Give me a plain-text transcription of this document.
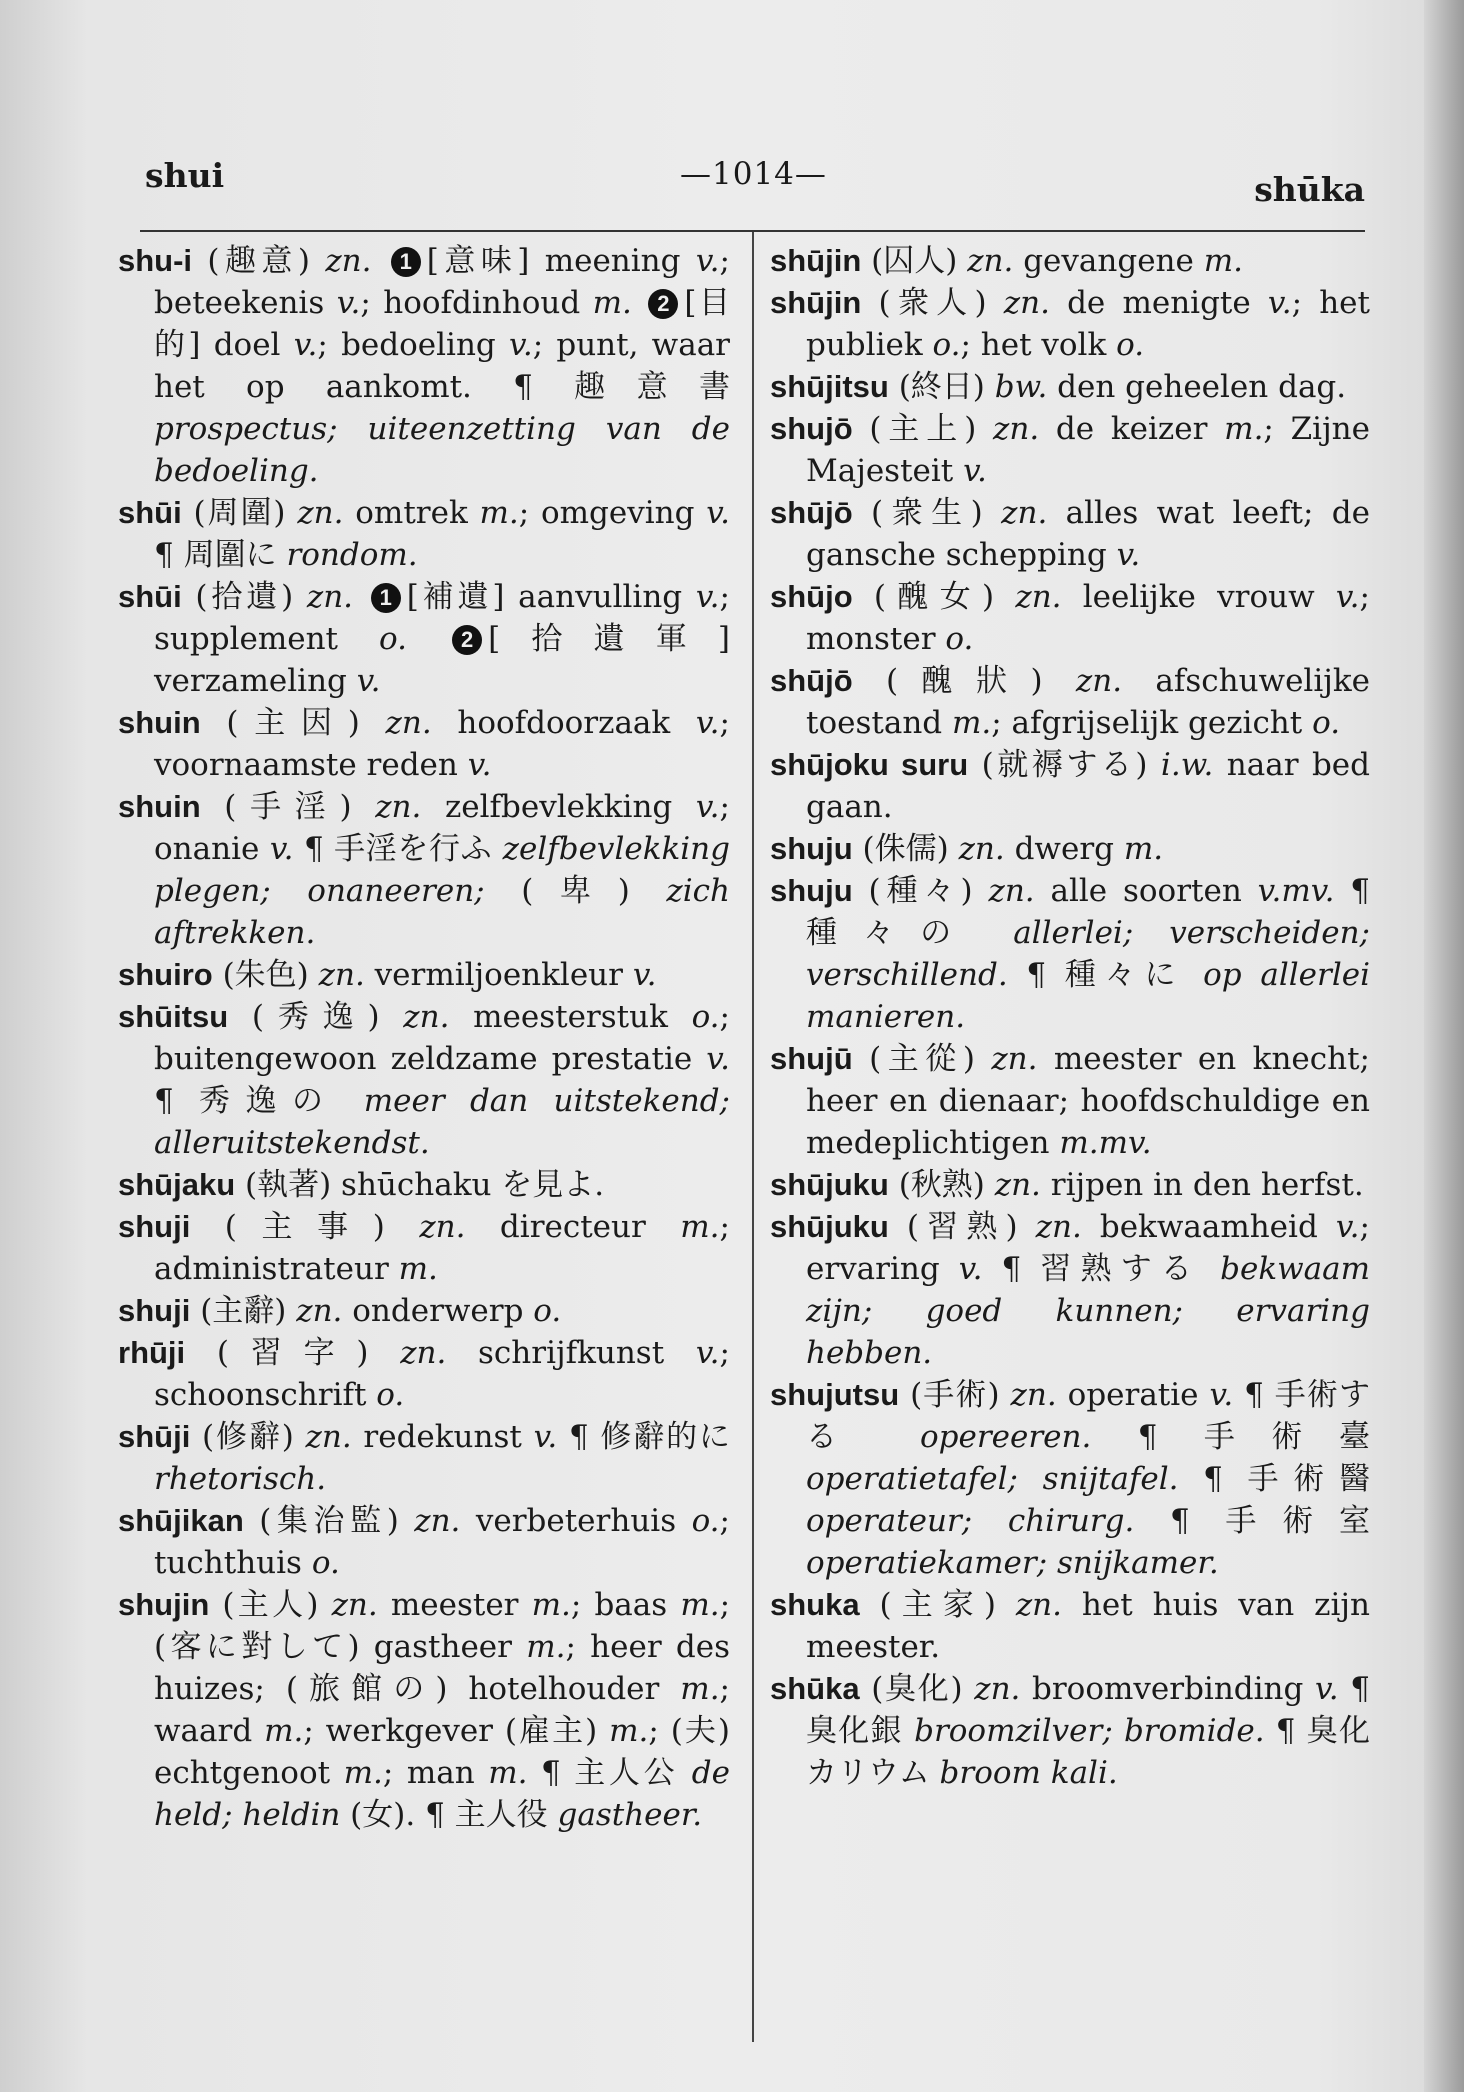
shui	—1014—	shūka

shu-i (趣意) zn. 1 [意味] meening v.; beteekenis v.; hoofdinhoud m. 2 [目的] doel v.; bedoeling v.; punt, waar het op aankomt. ¶ 趣意書 prospectus; uiteenzetting van de bedoeling.

shūi (周圍) zn. omtrek m.; omgeving v. ¶ 周圍に rondom.

shūi (拾遺) zn. 1 [補遺] aanvulling v.; supplement o. 2 [拾遺軍] verzameling v.

shuin (主因) zn. hoofdoorzaak v.; voornaamste reden v.

shuin (手淫) zn. zelfbevlekking v.; onanie v. ¶ 手淫を行ふ zelfbevlekking plegen; onaneeren; (卑) zich aftrekken.

shuiro (朱色) zn. vermiljoenkleur v.

shūitsu (秀逸) zn. meesterstuk o.; buitengewoon zeldzame prestatie v. ¶ 秀逸の meer dan uitstekend; alleruitstekendst.

shūjaku (執著) shūchaku を見よ.

shuji (主事) zn. directeur m.; administrateur m.

shuji (主辭) zn. onderwerp o.

rhūji (習字) zn. schrijfkunst v.; schoonschrift o.

shūji (修辭) zn. redekunst v. ¶ 修辭的に rhetorisch.

shūjikan (集治監) zn. verbeterhuis o.; tuchthuis o.

shujin (主人) zn. meester m.; baas m.; (客に對して) gastheer m.; heer des huizes; (旅館の) hotelhouder m.; waard m.; werkgever (雇主) m.; (夫) echtgenoot m.; man m. ¶ 主人公 de held; heldin (女). ¶ 主人役 gastheer.

shūjin (囚人) zn. gevangene m.

shūjin (衆人) zn. de menigte v.; het publiek o.; het volk o.

shūjitsu (終日) bw. den geheelen dag.

shujō (主上) zn. de keizer m.; Zijne Majesteit v.

shūjō (衆生) zn. alles wat leeft; de gansche schepping v.

shūjo (醜女) zn. leelijke vrouw v.; monster o.

shūjō (醜狀) zn. afschuwelijke toestand m.; afgrijselijk gezicht o.

shūjoku suru (就褥する) i.w. naar bed gaan.

shuju (侏儒) zn. dwerg m.

shuju (種々) zn. alle soorten v.mv. ¶ 種々の allerlei; verscheiden; verschillend. ¶ 種々に op allerlei manieren.

shujū (主從) zn. meester en knecht; heer en dienaar; hoofdschuldige en medeplichtigen m.mv.

shūjuku (秋熟) zn. rijpen in den herfst.

shūjuku (習熟) zn. bekwaamheid v.; ervaring v. ¶ 習熟する bekwaam zijn; goed kunnen; ervaring hebben.

shujutsu (手術) zn. operatie v. ¶ 手術する opereeren. ¶ 手術臺 operatietafel; snijtafel. ¶ 手術醫 operateur; chirurg. ¶ 手術室 operatiekamer; snijkamer.

shuka (主家) zn. het huis van zijn meester.

shūka (臭化) zn. broomverbinding v. ¶ 臭化銀 broomzilver; bromide. ¶ 臭化カリウム broom kali.
